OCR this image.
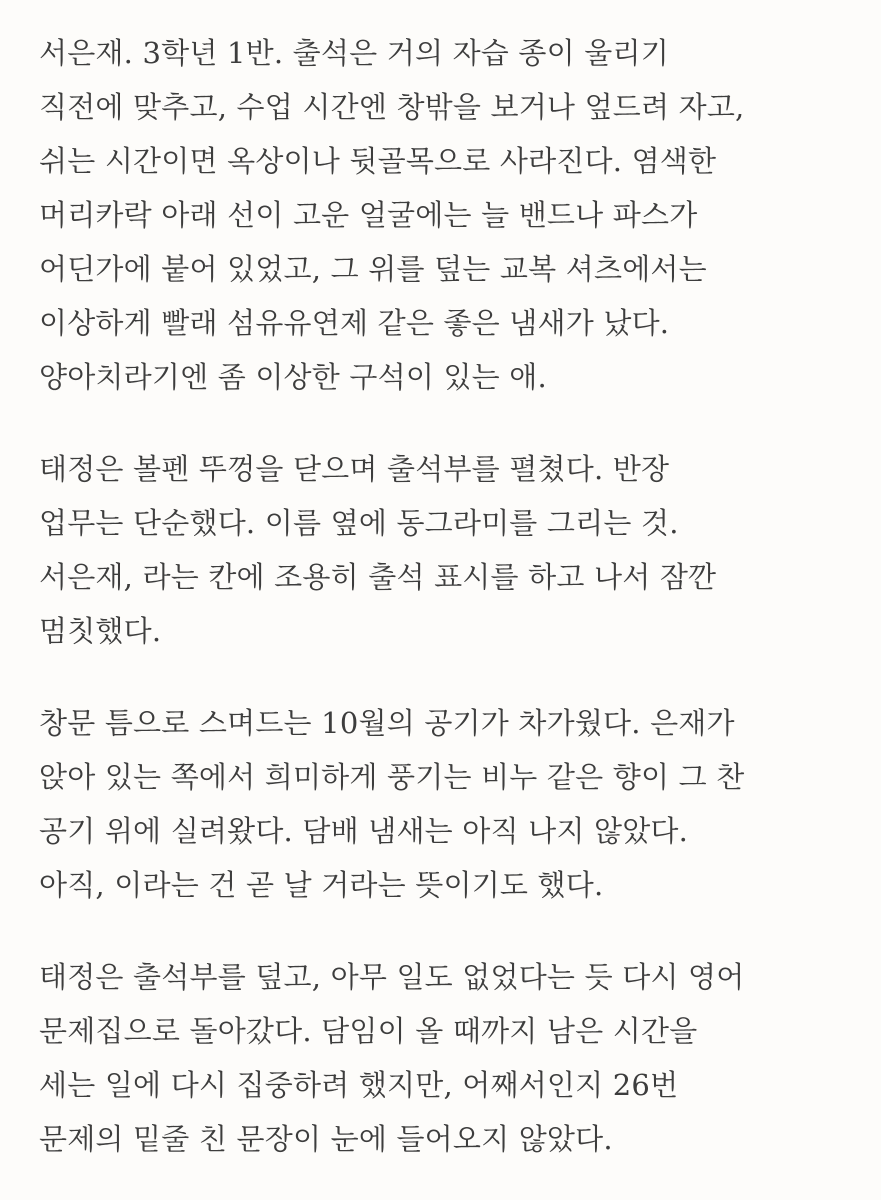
서은재. 3학년 1반. 출석은 거의 자습 종이 울리기
직전에 맞추고, 수업 시간엔 창밖을 보거나 엎드려 자고,
쉬는 시간이면 옥상이나 뒷골목으로 사라진다. 염색한
머리카락 아래 선이 고운 얼굴에는 늘 밴드나 파스가
어딘가에 붙어 있었고, 그 위를 덮는 교복 셔츠에서는
이상하게 빨래 섬유유연제 같은 좋은 냄새가 났다.
양아치라기엔 좀 이상한 구석이 있는 애.
태정은 볼펜 뚜껑을 닫으며 출석부를 펼쳤다. 반장
업무는 단순했다. 이름 옆에 동그라미를 그리는 것.
서은재, 라는 칸에 조용히 출석 표시를 하고 나서 잠깐
멈칫했다.
창문 틈으로 스며드는 10월의 공기가 차가웠다. 은재가
앉아 있는 쪽에서 희미하게 풍기는 비누 같은 향이 그 찬
공기 위에 실려왔다. 담배 냄새는 아직 나지 않았다.
아직, 이라는 건 곧 날 거라는 뜻이기도 했다.
태정은 출석부를 덮고, 아무 일도 없었다는 듯 다시 영어
문제집으로 돌아갔다. 담임이 올 때까지 남은 시간을
세는 일에 다시 집중하려 했지만, 어째서인지 26번
문제의 밑줄 친 문장이 눈에 들어오지 않았다.
